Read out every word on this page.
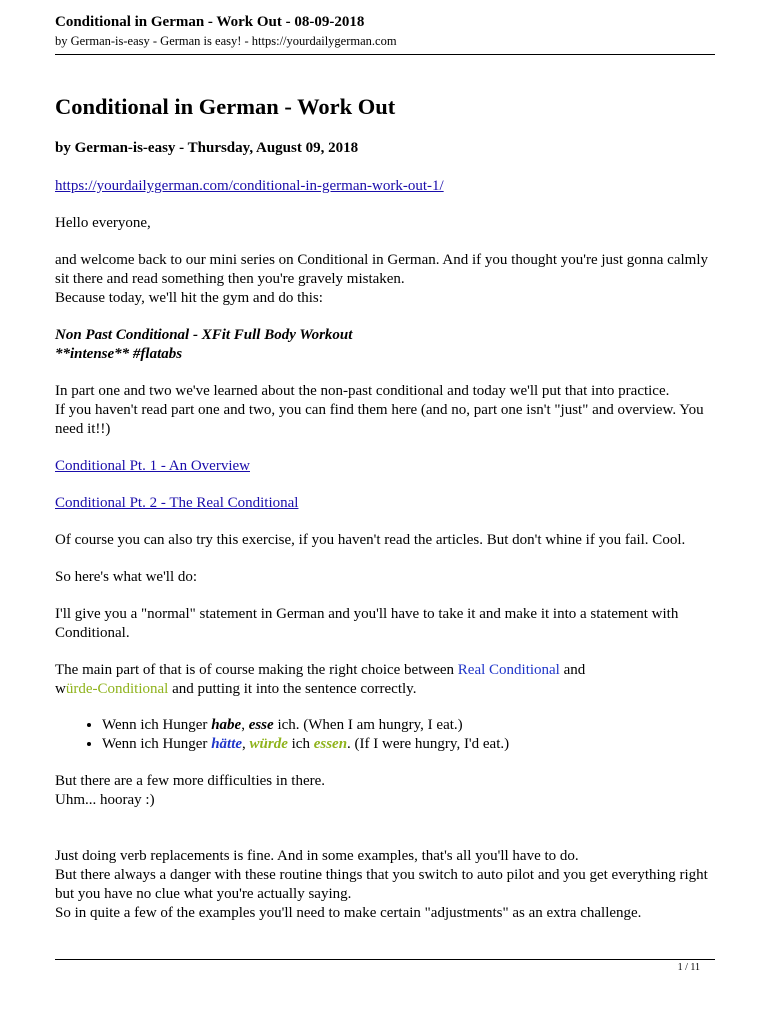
Conditional in German - Work Out - 08-09-2018
by German-is-easy - German is easy! - https://yourdailygerman.com
Conditional in German - Work Out

by German-is-easy - Thursday, August 09, 2018

https://yourdailygerman.com/conditional-in-german-work-out-1/

Hello everyone,

and welcome back to our mini series on Conditional in German. And if you thought you're just gonna calmly sit there and read something then you're gravely mistaken.
Because today, we'll hit the gym and do this:

Non Past Conditional - XFit Full Body Workout
**intense** #flatabs

In part one and two we've learned about the non-past conditional and today we'll put that into practice.
If you haven't read part one and two, you can find them here (and no, part one isn't "just" and overview. You need it!!)

Conditional Pt. 1 - An Overview

Conditional Pt. 2 - The Real Conditional

Of course you can also try this exercise, if you haven't read the articles. But don't whine if you fail. Cool.

So here's what we'll do:

I'll give you a "normal" statement in German and you'll have to take it and make it into a statement with Conditional.

The main part of that is of course making the right choice between Real Conditional and
würde-Conditional and putting it into the sentence correctly.

• Wenn ich Hunger habe, esse ich. (When I am hungry, I eat.)
• Wenn ich Hunger hätte, würde ich essen. (If I were hungry, I'd eat.)

But there are a few more difficulties in there.
Uhm... hooray :)

Just doing verb replacements is fine. And in some examples, that's all you'll have to do.
But there always a danger with these routine things that you switch to auto pilot and you get everything right but you have no clue what you're actually saying.
So in quite a few of the examples you'll need to make certain "adjustments" as an extra challenge.

1 / 11
